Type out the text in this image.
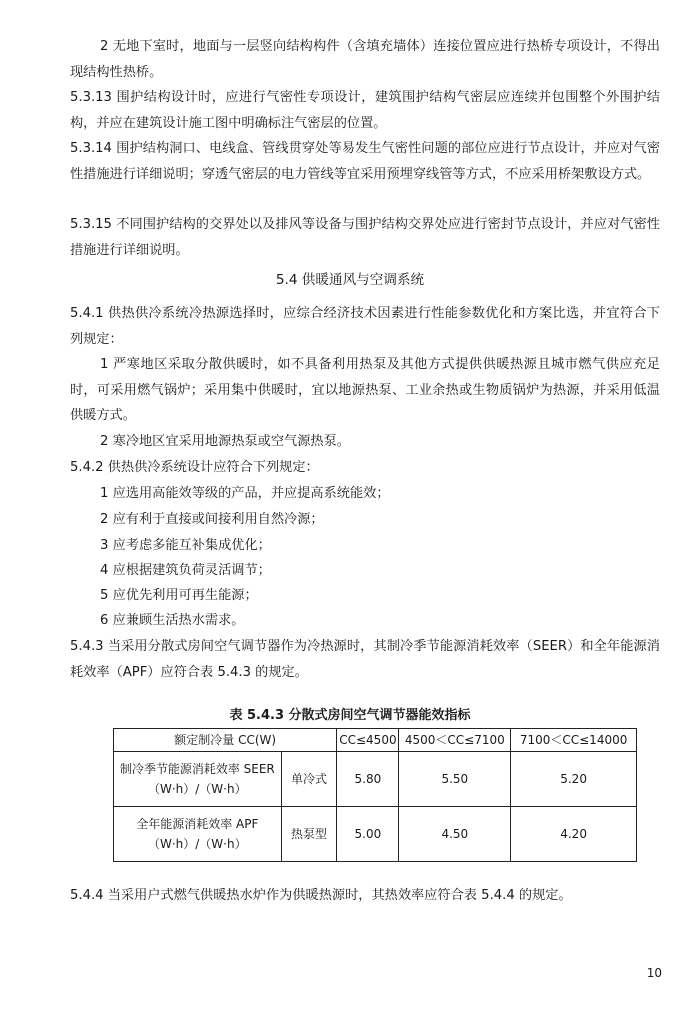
2 无地下室时，地面与一层竖向结构构件（含填充墙体）连接位置应进行热桥专项设计，不得出现结构性热桥。
5.3.13 围护结构设计时，应进行气密性专项设计，建筑围护结构气密层应连续并包围整个外围护结构，并应在建筑设计施工图中明确标注气密层的位置。
5.3.14 围护结构洞口、电线盒、管线贯穿处等易发生气密性问题的部位应进行节点设计，并应对气密性措施进行详细说明；穿透气密层的电力管线等宜采用预埋穿线管等方式，不应采用桥架敷设方式。
5.3.15 不同围护结构的交界处以及排风等设备与围护结构交界处应进行密封节点设计，并应对气密性措施进行详细说明。
5.4 供暖通风与空调系统
5.4.1 供热供冷系统冷热源选择时，应综合经济技术因素进行性能参数优化和方案比选，并宜符合下列规定：
1 严寒地区采取分散供暖时，如不具备利用热泵及其他方式提供供暖热源且城市燃气供应充足时，可采用燃气锅炉；采用集中供暖时，宜以地源热泵、工业余热或生物质锅炉为热源，并采用低温供暖方式。
2 寒冷地区宜采用地源热泵或空气源热泵。
5.4.2 供热供冷系统设计应符合下列规定：
1 应选用高能效等级的产品，并应提高系统能效；
2 应有利于直接或间接利用自然冷源；
3 应考虑多能互补集成优化；
4 应根据建筑负荷灵活调节；
5 应优先利用可再生能源；
6 应兼顾生活热水需求。
5.4.3 当采用分散式房间空气调节器作为冷热源时，其制冷季节能源消耗效率（SEER）和全年能源消耗效率（APF）应符合表 5.4.3 的规定。
表 5.4.3 分散式房间空气调节器能效指标
额定制冷量 CC(W)		CC≤4500	4500＜CC≤7100	7100＜CC≤14000

制冷季节能源消耗效率 SEER
（W·h）/（W·h）	单冷式	5.80	5.50	5.20

全年能源消耗效率 APF
（W·h）/（W·h）	热泵型	5.00	4.50	4.20
5.4.4 当采用户式燃气供暖热水炉作为供暖热源时，其热效率应符合表 5.4.4 的规定。
10
